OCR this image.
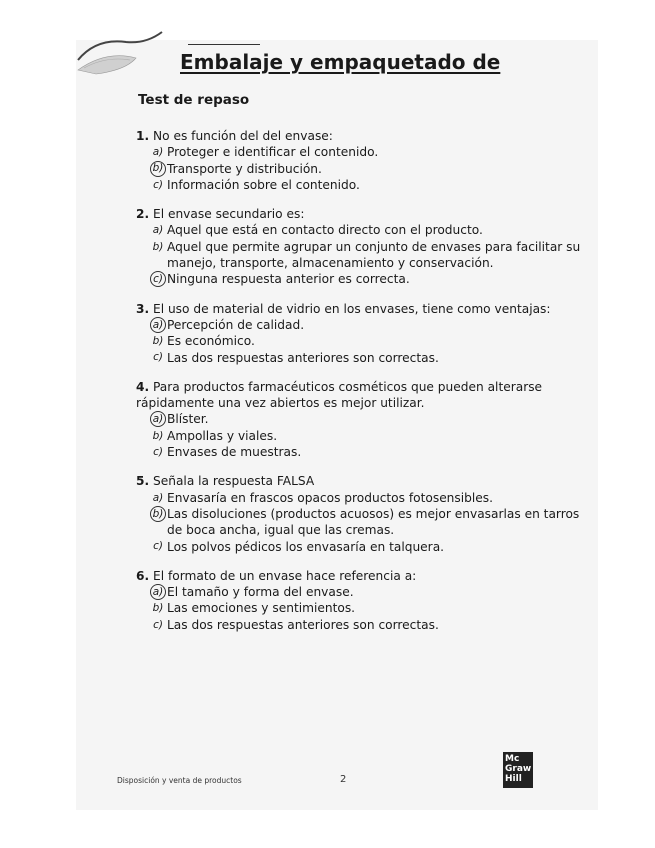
Embalaje y empaquetado de
Test de repaso
1. No es función del del envase:
a) Proteger e identificar el contenido.
b) Transporte y distribución.
c) Información sobre el contenido.
2. El envase secundario es:
a) Aquel que está en contacto directo con el producto.
b) Aquel que permite agrupar un conjunto de envases para facilitar su manejo, transporte, almacenamiento y conservación.
c) Ninguna respuesta anterior es correcta.
3. El uso de material de vidrio en los envases, tiene como ventajas:
a) Percepción de calidad.
b) Es económico.
c) Las dos respuestas anteriores son correctas.
4. Para productos farmacéuticos cosméticos que pueden alterarse rápidamente una vez abiertos es mejor utilizar.
a) Blíster.
b) Ampollas y viales.
c) Envases de muestras.
5. Señala la respuesta FALSA
a) Envasaría en frascos opacos productos fotosensibles.
b) Las disoluciones (productos acuosos) es mejor envasarlas en tarros de boca ancha, igual que las cremas.
c) Los polvos pédicos los envasaría en talquera.
6. El formato de un envase hace referencia a:
a) El tamaño y forma del envase.
b) Las emociones y sentimientos.
c) Las dos respuestas anteriores son correctas.
Disposición y venta de productos	2
Mc
Graw
Hill
